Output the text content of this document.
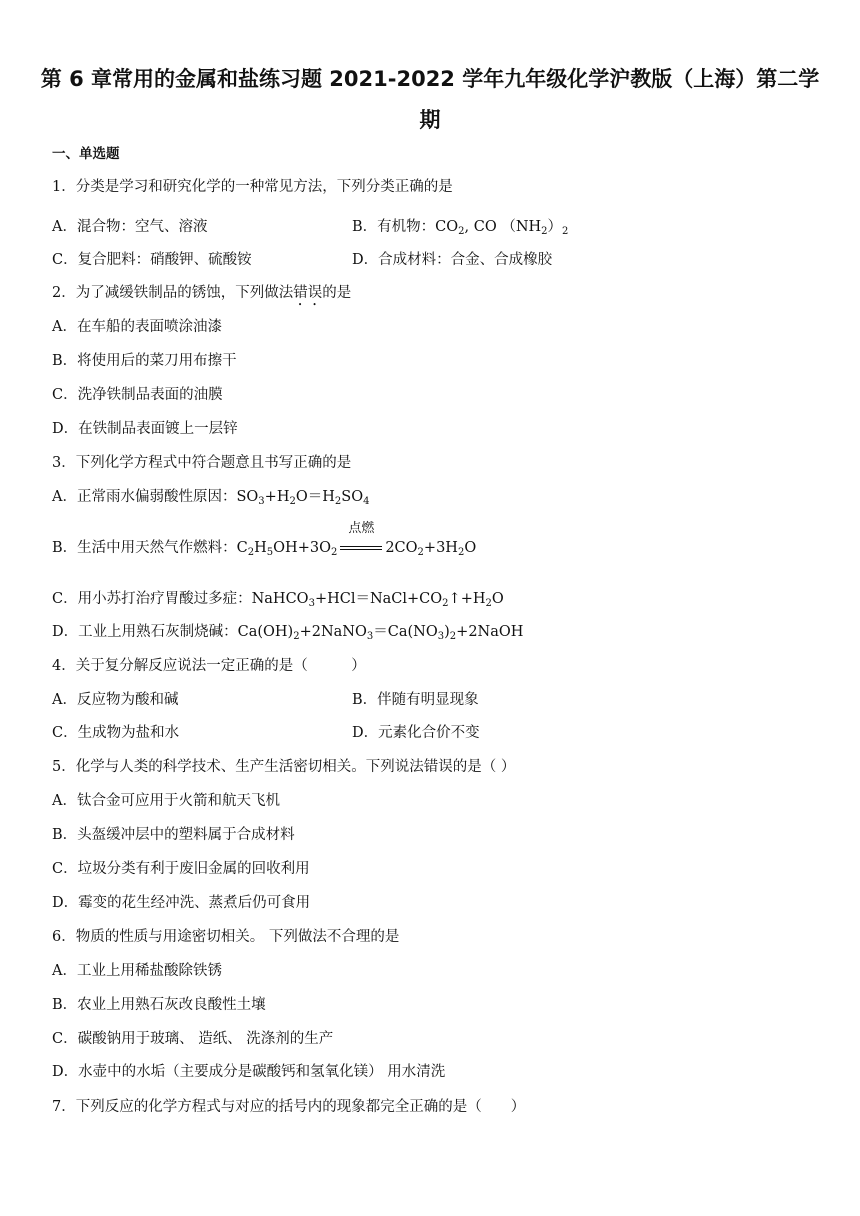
第 6 章常用的金属和盐练习题 2021-2022 学年九年级化学沪教版（上海）第二学
期
一、单选题
1．分类是学习和研究化学的一种常见方法，下列分类正确的是
A．混合物：空气、溶液	B．有机物：$CO_2$, CO $(NH_2)_2$
C．复合肥料：硝酸钾、硫酸铵	D．合成材料：合金、合成橡胶
2．为了减缓铁制品的锈蚀，下列做法错误的是
A．在车船的表面喷涂油漆
B．将使用后的菜刀用布擦干
C．洗净铁制品表面的油膜
D．在铁制品表面镀上一层锌
3．下列化学方程式中符合题意且书写正确的是
A．正常雨水偏弱酸性原因：$SO_3+H_2O=H_2SO_4$
B．生活中用天然气作燃料：$C_2H_5OH+3O_2$
点燃
$2CO_2+3H_2O$
C．用小苏打治疗胃酸过多症：$NaHCO_3+HCl=NaCl+CO_2↑+H_2O$
D．工业上用熟石灰制烧碱：$Ca(OH)_2+2NaNO_3=Ca(NO_3)_2+2NaOH$
4．关于复分解反应说法一定正确的是（　　　）
A．反应物为酸和碱	B．伴随有明显现象
C．生成物为盐和水	D．元素化合价不变
5．化学与人类的科学技术、生产生活密切相关。下列说法错误的是（ ）
A．钛合金可应用于火箭和航天飞机
B．头盔缓冲层中的塑料属于合成材料
C．垃圾分类有利于废旧金属的回收利用
D．霉变的花生经冲洗、蒸煮后仍可食用
6．物质的性质与用途密切相关。 下列做法不合理的是
A．工业上用稀盐酸除铁锈
B．农业上用熟石灰改良酸性土壤
C．碳酸钠用于玻璃、 造纸、 洗涤剂的生产
D．水壶中的水垢（主要成分是碳酸钙和氢氧化镁） 用水清洗
7．下列反应的化学方程式与对应的括号内的现象都完全正确的是（　　）
